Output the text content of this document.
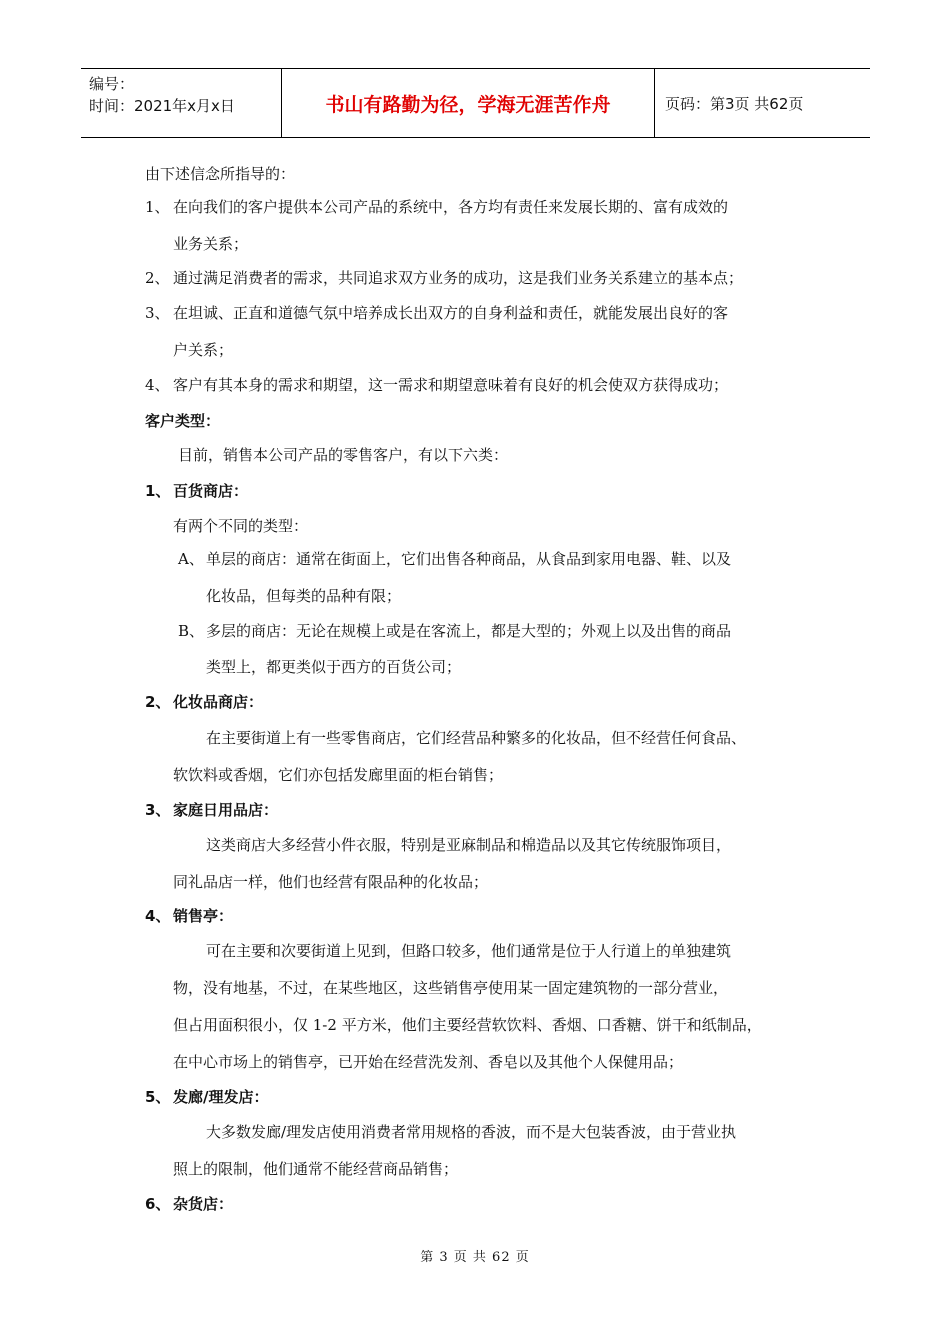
编号：
时间：2021年x月x日	书山有路勤为径，学海无涯苦作舟	页码：第3页 共62页
由下述信念所指导的：
1、 在向我们的客户提供本公司产品的系统中，各方均有责任来发展长期的、富有成效的
业务关系；
2、 通过满足消费者的需求，共同追求双方业务的成功，这是我们业务关系建立的基本点；
3、 在坦诚、正直和道德气氛中培养成长出双方的自身利益和责任，就能发展出良好的客
户关系；
4、 客户有其本身的需求和期望，这一需求和期望意味着有良好的机会使双方获得成功；
客户类型：
目前，销售本公司产品的零售客户，有以下六类：
1、 百货商店：
有两个不同的类型：
A、 单层的商店：通常在街面上，它们出售各种商品，从食品到家用电器、鞋、以及
化妆品，但每类的品种有限；
B、 多层的商店：无论在规模上或是在客流上，都是大型的；外观上以及出售的商品
类型上，都更类似于西方的百货公司；
2、 化妆品商店：
在主要街道上有一些零售商店，它们经营品种繁多的化妆品，但不经营任何食品、
软饮料或香烟，它们亦包括发廊里面的柜台销售；
3、 家庭日用品店：
这类商店大多经营小件衣服，特别是亚麻制品和棉造品以及其它传统服饰项目，
同礼品店一样，他们也经营有限品种的化妆品；
4、 销售亭：
可在主要和次要街道上见到，但路口较多，他们通常是位于人行道上的单独建筑
物，没有地基，不过，在某些地区，这些销售亭使用某一固定建筑物的一部分营业，
但占用面积很小，仅 1-2 平方米，他们主要经营软饮料、香烟、口香糖、饼干和纸制品，
在中心市场上的销售亭，已开始在经营洗发剂、香皂以及其他个人保健用品；
5、 发廊/理发店：
大多数发廊/理发店使用消费者常用规格的香波，而不是大包装香波，由于营业执
照上的限制，他们通常不能经营商品销售；
6、 杂货店：
第 3 页 共 62 页
